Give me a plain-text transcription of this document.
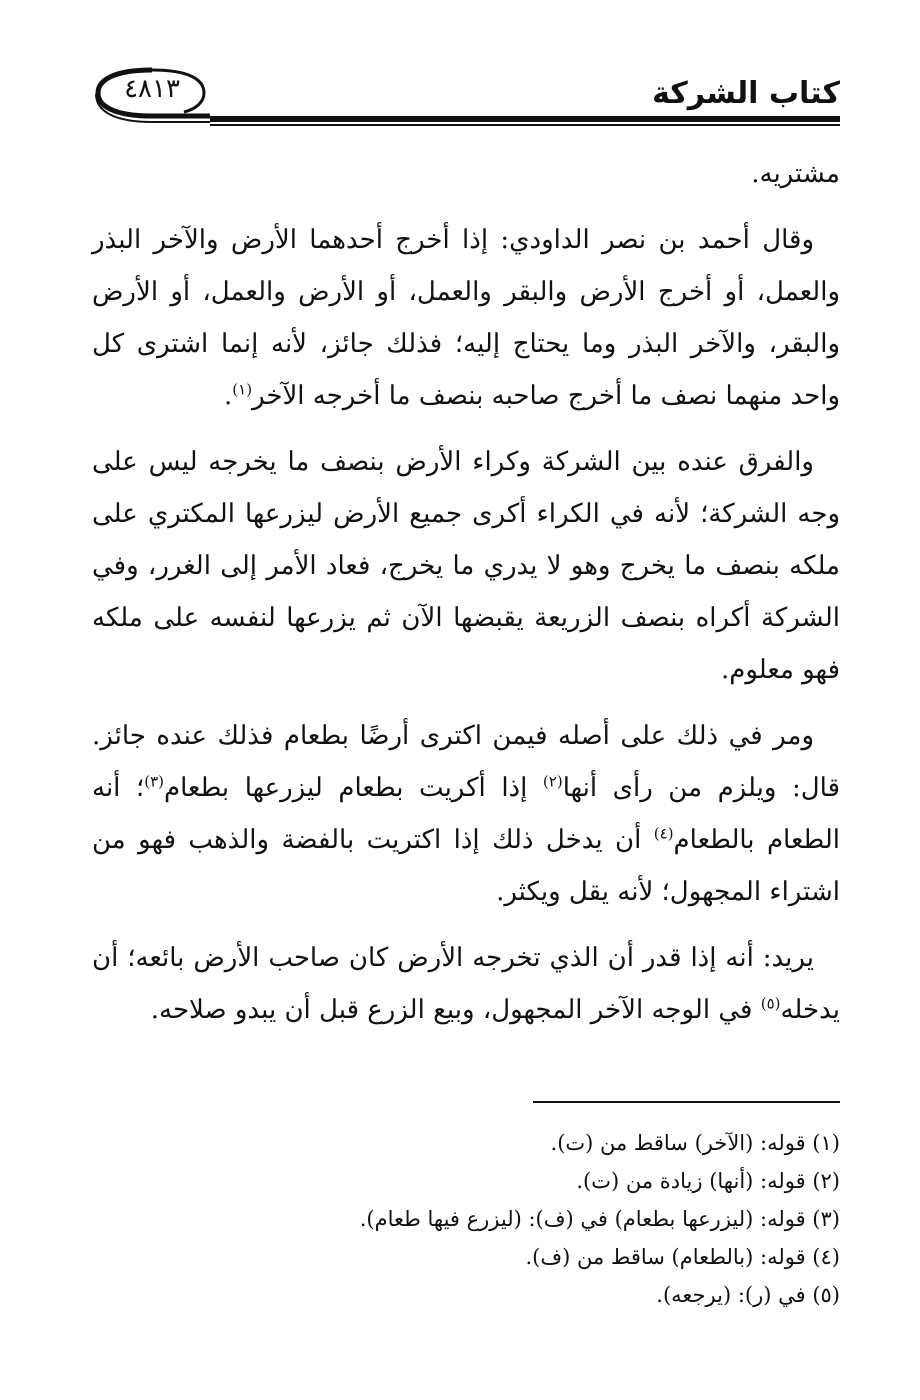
كتاب الشركة
٤٨١٣

مشتريه.

وقال أحمد بن نصر الداودي: إذا أخرج أحدهما الأرض والآخر البذر والعمل، أو أخرج الأرض والبقر والعمل، أو الأرض والعمل، أو الأرض والبقر، والآخر البذر وما يحتاج إليه؛ فذلك جائز، لأنه إنما اشترى كل واحد منهما نصف ما أخرج صاحبه بنصف ما أخرجه الآخر$^{(١)}$.

والفرق عنده بين الشركة وكراء الأرض بنصف ما يخرجه ليس على وجه الشركة؛ لأنه في الكراء أكرى جميع الأرض ليزرعها المكتري على ملكه بنصف ما يخرج وهو لا يدري ما يخرج، فعاد الأمر إلى الغرر، وفي الشركة أكراه بنصف الزريعة يقبضها الآن ثم يزرعها لنفسه على ملكه فهو معلوم.

ومر في ذلك على أصله فيمن اكترى أرضًا بطعام فذلك عنده جائز. قال: ويلزم من رأى أنها$^{(٢)}$ إذا أكريت بطعام ليزرعها بطعام$^{(٣)}$؛ أنه الطعام بالطعام$^{(٤)}$ أن يدخل ذلك إذا اكتريت بالفضة والذهب فهو من اشتراء المجهول؛ لأنه يقل ويكثر.

يريد: أنه إذا قدر أن الذي تخرجه الأرض كان صاحب الأرض بائعه؛ أن يدخله$^{(٥)}$ في الوجه الآخر المجهول، وبيع الزرع قبل أن يبدو صلاحه.

(١) قوله: (الآخر) ساقط من (ت).
(٢) قوله: (أنها) زيادة من (ت).
(٣) قوله: (ليزرعها بطعام) في (ف): (ليزرع فيها طعام).
(٤) قوله: (بالطعام) ساقط من (ف).
(٥) في (ر): (يرجعه).
